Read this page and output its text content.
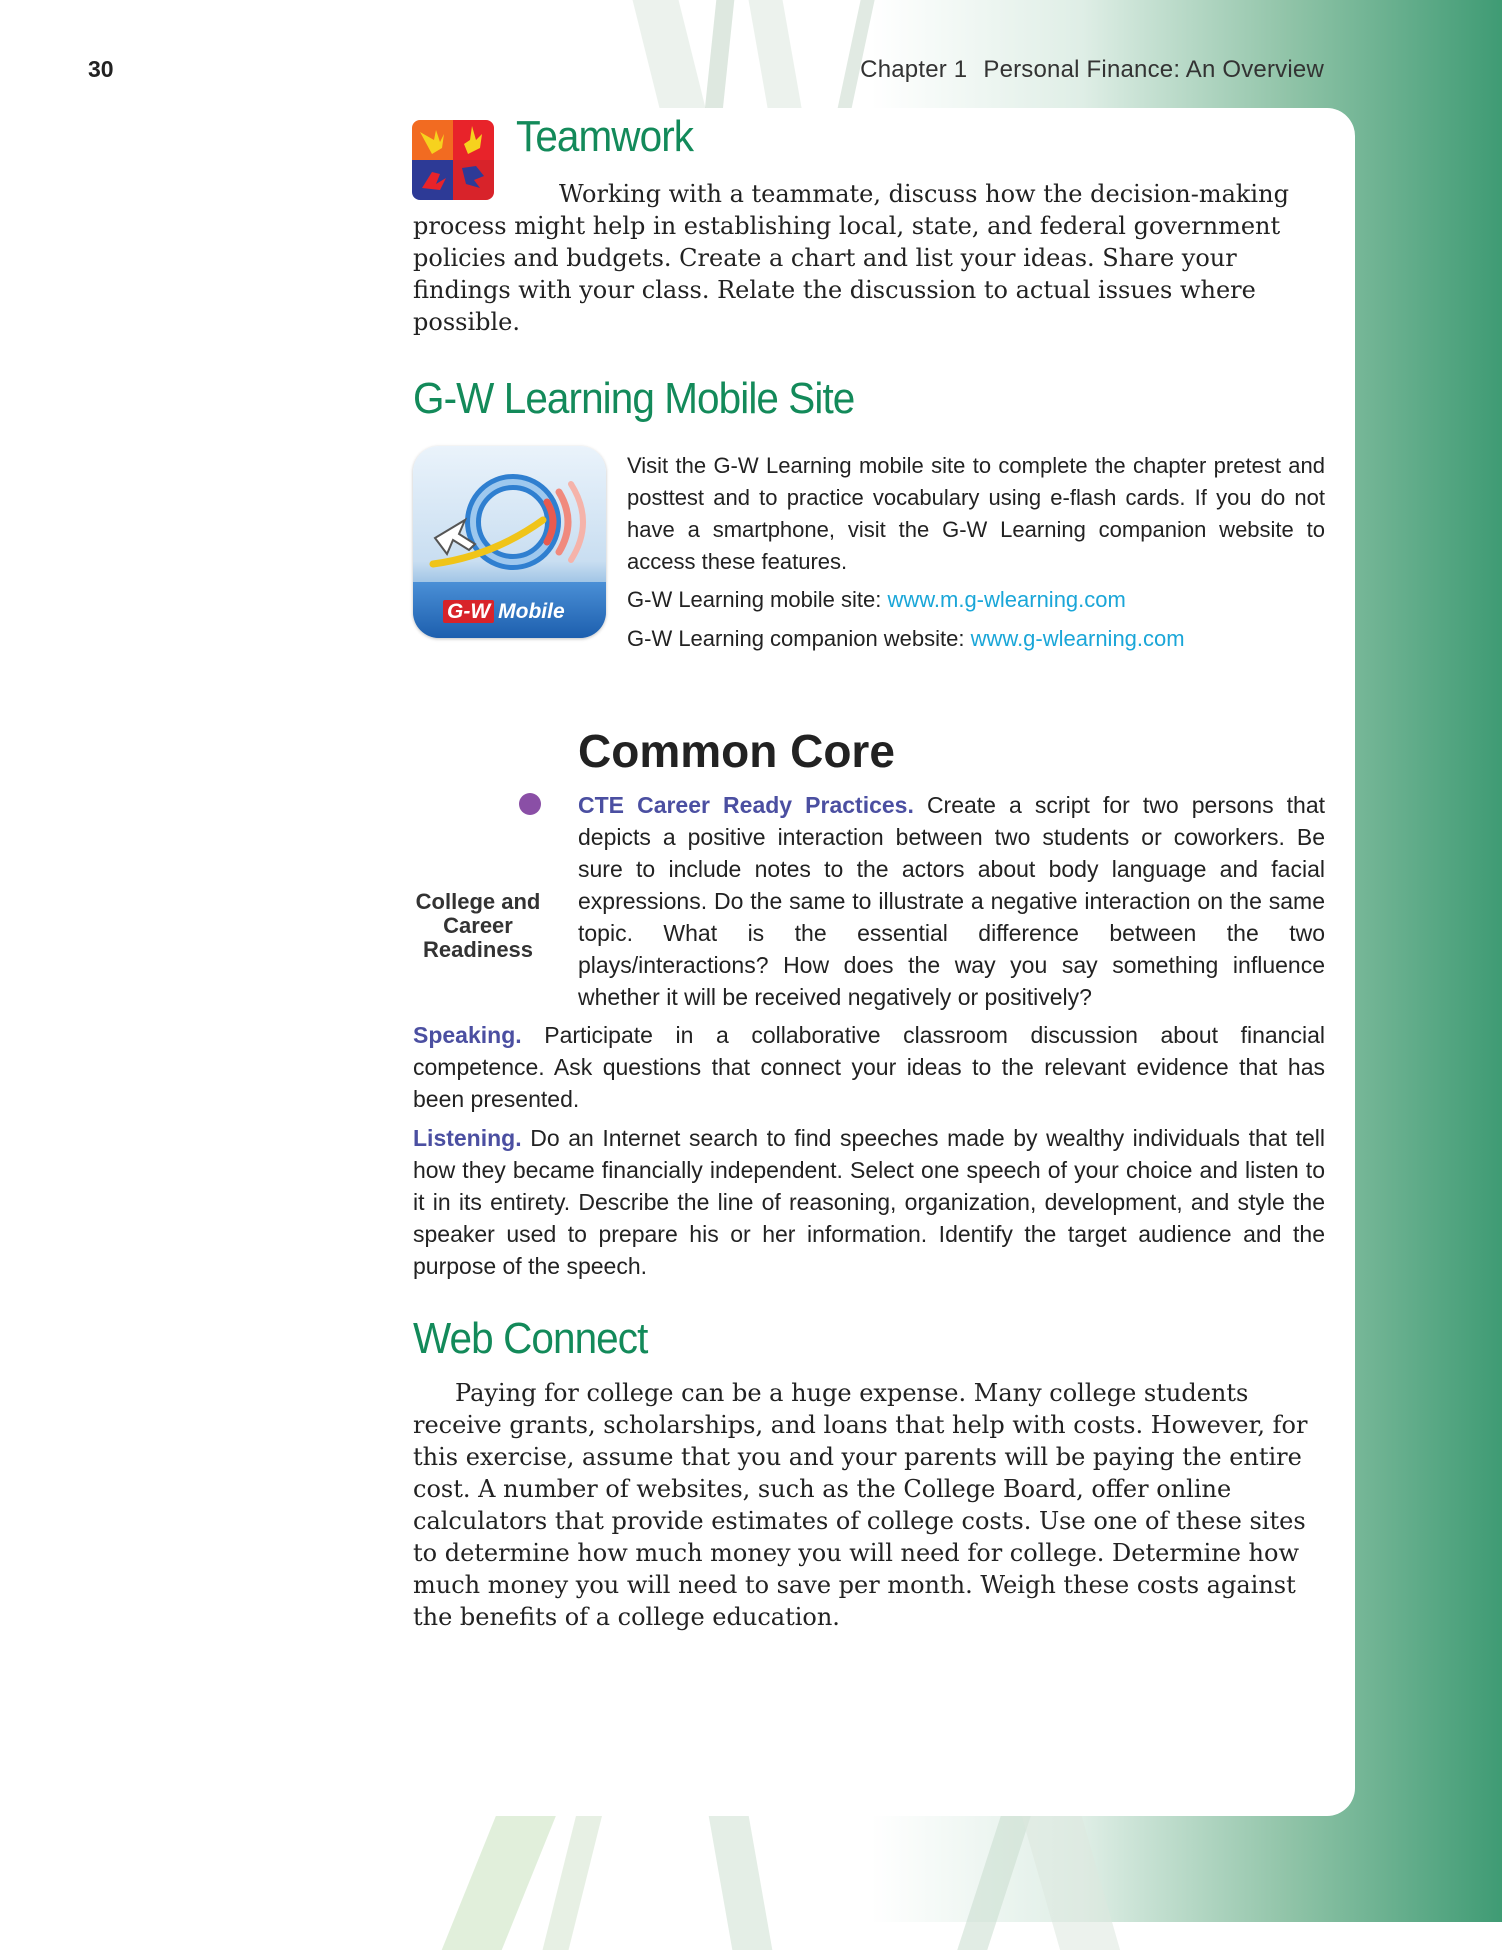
30	Chapter 1 Personal Finance: An Overview
Teamwork
Working with a teammate, discuss how the decision-making process might help in establishing local, state, and federal government policies and budgets. Create a chart and list your ideas. Share your findings with your class. Relate the discussion to actual issues where possible.
G-W Learning Mobile Site
G-W Mobile
Visit the G-W Learning mobile site to complete the chapter pretest and posttest and to practice vocabulary using e-flash cards. If you do not have a smartphone, visit the G-W Learning companion website to access these features.
G-W Learning mobile site: www.m.g-wlearning.com
G-W Learning companion website: www.g-wlearning.com
College and Career Readiness
Common Core
CTE Career Ready Practices. Create a script for two persons that depicts a positive interaction between two students or coworkers. Be sure to include notes to the actors about body language and facial expressions. Do the same to illustrate a negative interaction on the same topic. What is the essential difference between the two plays/interactions? How does the way you say something influence whether it will be received negatively or positively?
Speaking. Participate in a collaborative classroom discussion about financial competence. Ask questions that connect your ideas to the relevant evidence that has been presented.
Listening. Do an Internet search to find speeches made by wealthy individuals that tell how they became financially independent. Select one speech of your choice and listen to it in its entirety. Describe the line of reasoning, organization, development, and style the speaker used to prepare his or her information. Identify the target audience and the purpose of the speech.
Web Connect
Paying for college can be a huge expense. Many college students receive grants, scholarships, and loans that help with costs. However, for this exercise, assume that you and your parents will be paying the entire cost. A number of websites, such as the College Board, offer online calculators that provide estimates of college costs. Use one of these sites to determine how much money you will need for college. Determine how much money you will need to save per month. Weigh these costs against the benefits of a college education.
